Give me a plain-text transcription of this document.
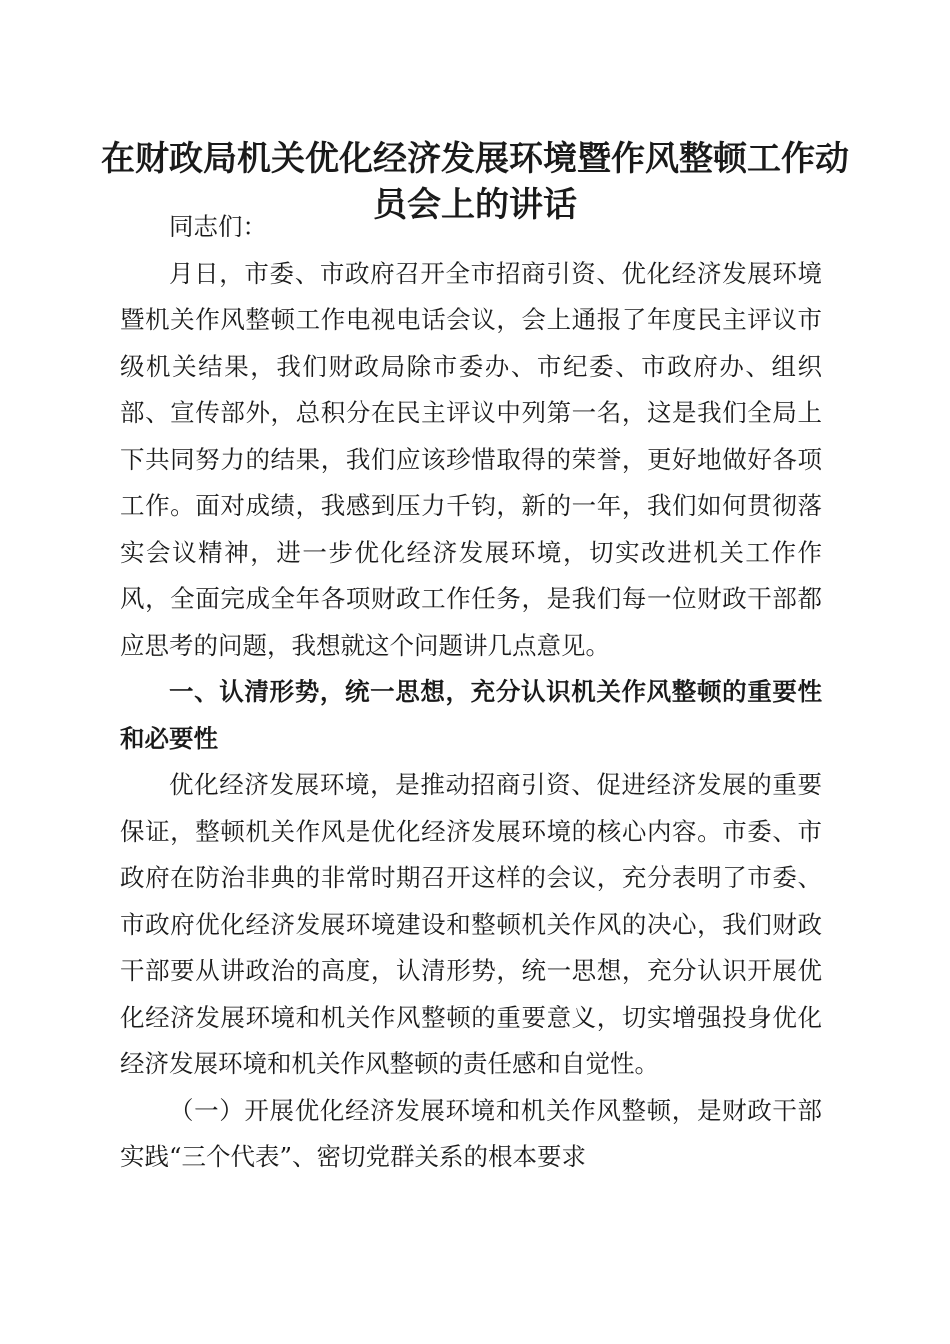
在财政局机关优化经济发展环境暨作风整顿工作动员会上的讲话

同志们：

月日，市委、市政府召开全市招商引资、优化经济发展环境暨机关作风整顿工作电视电话会议，会上通报了年度民主评议市级机关结果，我们财政局除市委办、市纪委、市政府办、组织部、宣传部外，总积分在民主评议中列第一名，这是我们全局上下共同努力的结果，我们应该珍惜取得的荣誉，更好地做好各项工作。面对成绩，我感到压力千钧，新的一年，我们如何贯彻落实会议精神，进一步优化经济发展环境，切实改进机关工作作风，全面完成全年各项财政工作任务，是我们每一位财政干部都应思考的问题，我想就这个问题讲几点意见。

一、认清形势，统一思想，充分认识机关作风整顿的重要性和必要性

优化经济发展环境，是推动招商引资、促进经济发展的重要保证，整顿机关作风是优化经济发展环境的核心内容。市委、市政府在防治非典的非常时期召开这样的会议，充分表明了市委、市政府优化经济发展环境建设和整顿机关作风的决心，我们财政干部要从讲政治的高度，认清形势，统一思想，充分认识开展优化经济发展环境和机关作风整顿的重要意义，切实增强投身优化经济发展环境和机关作风整顿的责任感和自觉性。

（一）开展优化经济发展环境和机关作风整顿，是财政干部实践“三个代表”、密切党群关系的根本要求
